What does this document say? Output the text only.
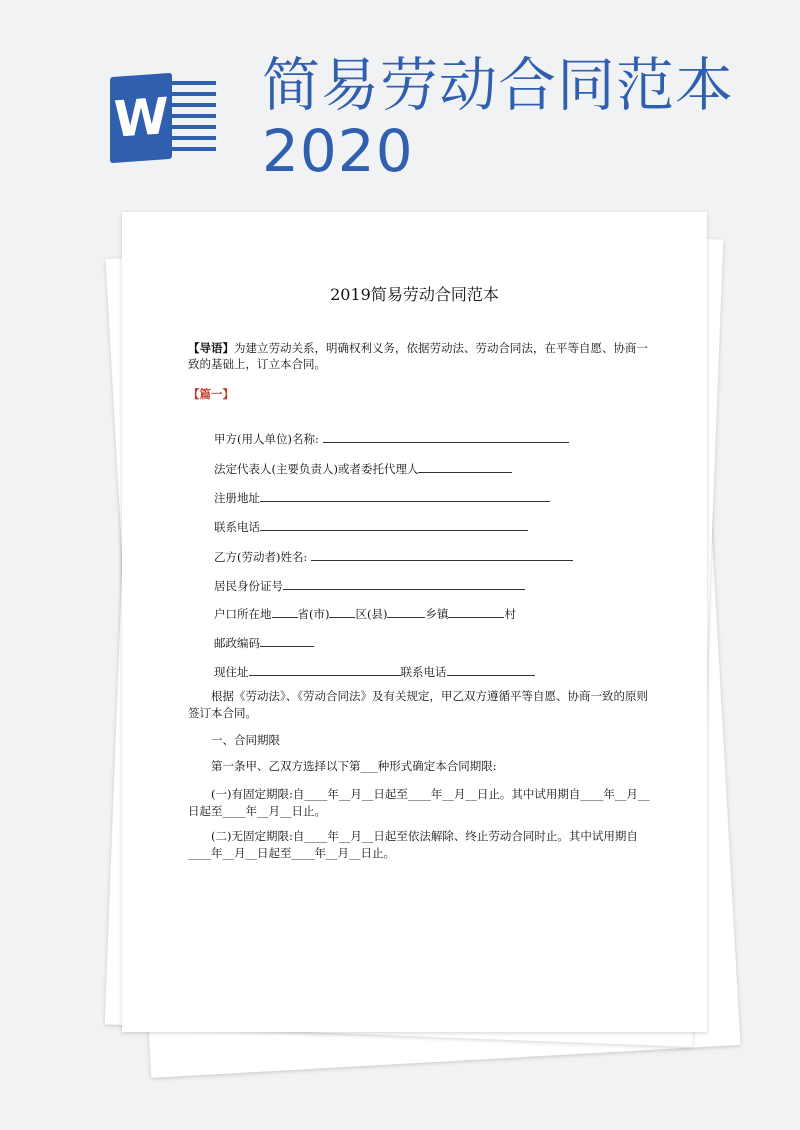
W 简易劳动合同范本2020
2019简易劳动合同范本
【导语】为建立劳动关系，明确权利义务，依据劳动法、劳动合同法，在平等自愿、协商一致的基础上，订立本合同。
【篇一】
甲方(用人单位)名称:
法定代表人(主要负责人)或者委托代理人
注册地址
联系电话
乙方(劳动者)姓名:
居民身份证号
户口所在地 省(市) 区(县)	乡镇	村
邮政编码
现住址	联系电话
根据《劳动法》、《劳动合同法》及有关规定，甲乙双方遵循平等自愿、协商一致的原则签订本合同。
一、合同期限
第一条甲、乙双方选择以下第___种形式确定本合同期限:
(一)有固定期限:自____年__月__日起至____年__月__日止。其中试用期自____年__月__日起至____年__月__日止。
(二)无固定期限:自____年__月__日起至依法解除、终止劳动合同时止。其中试用期自____年__月__日起至____年__月__日止。
